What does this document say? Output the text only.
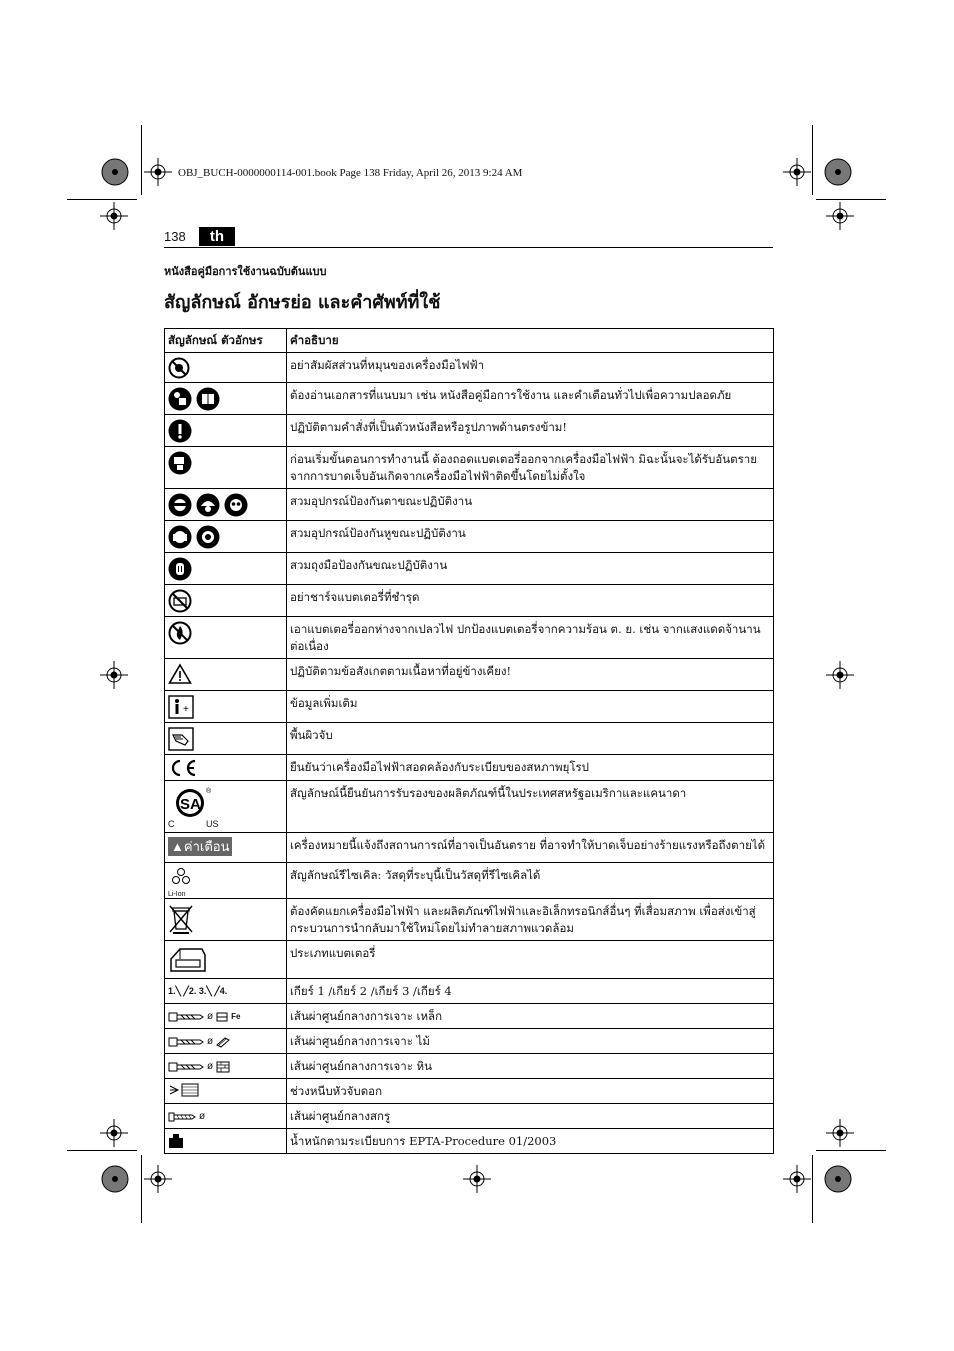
OBJ_BUCH-0000000114-001.book Page 138 Friday, April 26, 2013 9:24 AM
138	th
หนังสือคู่มือการใช้งานฉบับต้นแบบ
สัญลักษณ์ อักษรย่อ และคำศัพท์ที่ใช้
สัญลักษณ์ ตัวอักษร	คำอธิบาย

	อย่าสัมผัสส่วนที่หมุนของเครื่องมือไฟฟ้า

	ต้องอ่านเอกสารที่แนบมา เช่น หนังสือคู่มือการใช้งาน และคำเตือนทั่วไปเพื่อความปลอดภัย

	ปฏิบัติตามคำสั่งที่เป็นตัวหนังสือหรือรูปภาพด้านตรงข้าม!

	ก่อนเริ่มขั้นตอนการทำงานนี้ ต้องถอดแบตเตอรี่ออกจากเครื่องมือไฟฟ้า มิฉะนั้นจะได้รับอันตรายจากการบาดเจ็บอันเกิดจากเครื่องมือไฟฟ้าติดขึ้นโดยไม่ตั้งใจ

	สวมอุปกรณ์ป้องกันตาขณะปฏิบัติงาน

	สวมอุปกรณ์ป้องกันหูขณะปฏิบัติงาน

	สวมถุงมือป้องกันขณะปฏิบัติงาน

	อย่าชาร์จแบตเตอรี่ที่ชำรุด

	เอาแบตเตอรี่ออกห่างจากเปลวไฟ ปกป้องแบตเตอรี่จากความร้อน ต. ย. เช่น จากแสงแดดจ้านานต่อเนื่อง

	ปฏิบัติตามข้อสังเกตตามเนื้อหาที่อยู่ข้างเคียง!

+	ข้อมูลเพิ่มเติม

	พื้นผิวจับ

	ยืนยันว่าเครื่องมือไฟฟ้าสอดคล้องกับระเบียบของสหภาพยุโรป

SA
®
C US	สัญลักษณ์นี้ยืนยันการรับรองของผลิตภัณฑ์นี้ในประเทศสหรัฐอเมริกาและแคนาดา
▲ค่าเตือน	เครื่องหมายนี้แจ้งถึงสถานการณ์ที่อาจเป็นอันตราย ที่อาจทำให้บาดเจ็บอย่างร้ายแรงหรือถึงตายได้

Li-Ion	สัญลักษณ์รีไซเคิล: วัสดุที่ระบุนี้เป็นวัสดุที่รีไซเคิลได้

	ต้องคัดแยกเครื่องมือไฟฟ้า และผลิตภัณฑ์ไฟฟ้าและอิเล็กทรอนิกส์อื่นๆ ที่เสื่อมสภาพ เพื่อส่งเข้าสู่กระบวนการนำกลับมาใช้ใหม่โดยไม่ทำลายสภาพแวดล้อม

	ประเภทแบตเตอรี่

1.╲ ╱2. 3.╲ ╱4.	เกียร์ 1 /เกียร์ 2 /เกียร์ 3 /เกียร์ 4

ø Fe	เส้นผ่าศูนย์กลางการเจาะ เหล็ก

ø	เส้นผ่าศูนย์กลางการเจาะ ไม้

ø	เส้นผ่าศูนย์กลางการเจาะ หิน

	ช่วงหนีบหัวจับดอก

ø	เส้นผ่าศูนย์กลางสกรู

	น้ำหนักตามระเบียบการ EPTA-Procedure 01/2003
